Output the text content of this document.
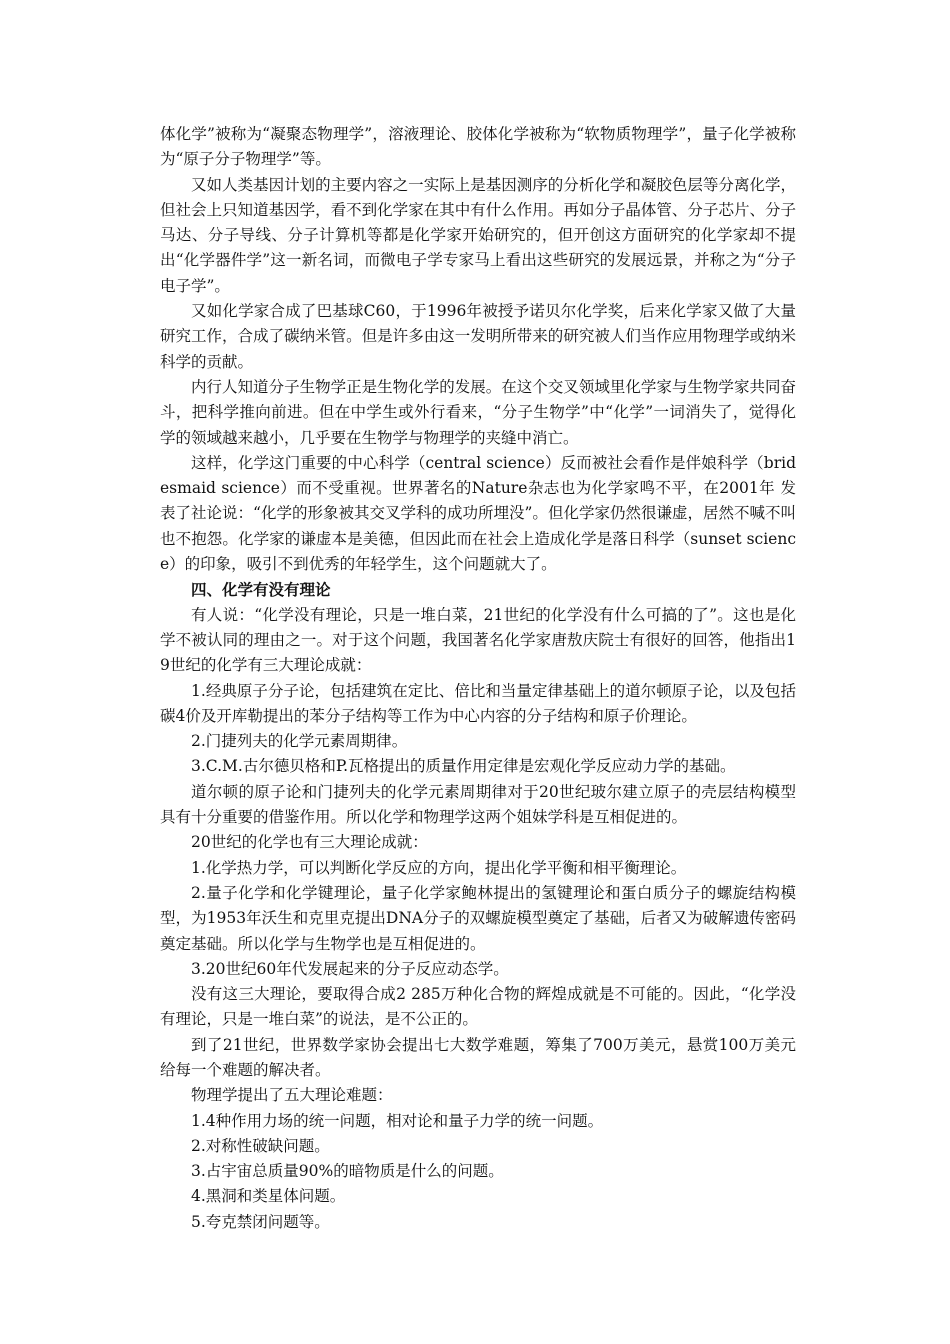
体化学”被称为“凝聚态物理学”，溶液理论、胶体化学被称为“软物质物理学”，量子化学被称为“原子分子物理学”等。

又如人类基因计划的主要内容之一实际上是基因测序的分析化学和凝胶色层等分离化学，但社会上只知道基因学，看不到化学家在其中有什么作用。再如分子晶体管、分子芯片、分子马达、分子导线、分子计算机等都是化学家开始研究的，但开创这方面研究的化学家却不提出“化学器件学”这一新名词，而微电子学专家马上看出这些研究的发展远景，并称之为“分子电子学”。

又如化学家合成了巴基球C60，于1996年被授予诺贝尔化学奖，后来化学家又做了大量研究工作，合成了碳纳米管。但是许多由这一发明所带来的研究被人们当作应用物理学或纳米科学的贡献。

内行人知道分子生物学正是生物化学的发展。在这个交叉领域里化学家与生物学家共同奋斗，把科学推向前进。但在中学生或外行看来，“分子生物学”中“化学”一词消失了，觉得化学的领域越来越小，几乎要在生物学与物理学的夹缝中消亡。

这样，化学这门重要的中心科学（central science）反而被社会看作是伴娘科学（bridesmaid science）而不受重视。世界著名的Nature杂志也为化学家鸣不平，在2001年 发表了社论说：“化学的形象被其交叉学科的成功所埋没”。但化学家仍然很谦虚，居然不喊不叫也不抱怨。化学家的谦虚本是美德，但因此而在社会上造成化学是落日科学（sunset science）的印象，吸引不到优秀的年轻学生，这个问题就大了。

四、化学有没有理论

有人说：“化学没有理论，只是一堆白菜，21世纪的化学没有什么可搞的了”。这也是化学不被认同的理由之一。对于这个问题，我国著名化学家唐敖庆院士有很好的回答，他指出19世纪的化学有三大理论成就：

1.经典原子分子论，包括建筑在定比、倍比和当量定律基础上的道尔顿原子论，以及包括碳4价及开库勒提出的苯分子结构等工作为中心内容的分子结构和原子价理论。

2.门捷列夫的化学元素周期律。

3.C.M.古尔德贝格和P.瓦格提出的质量作用定律是宏观化学反应动力学的基础。

道尔顿的原子论和门捷列夫的化学元素周期律对于20世纪玻尔建立原子的壳层结构模型具有十分重要的借鉴作用。所以化学和物理学这两个姐妹学科是互相促进的。

20世纪的化学也有三大理论成就：

1.化学热力学，可以判断化学反应的方向，提出化学平衡和相平衡理论。

2.量子化学和化学键理论，量子化学家鲍林提出的氢键理论和蛋白质分子的螺旋结构模型，为1953年沃生和克里克提出DNA分子的双螺旋模型奠定了基础，后者又为破解遗传密码奠定基础。所以化学与生物学也是互相促进的。

3.20世纪60年代发展起来的分子反应动态学。

没有这三大理论，要取得合成2 285万种化合物的辉煌成就是不可能的。因此，“化学没有理论，只是一堆白菜”的说法，是不公正的。

到了21世纪，世界数学家协会提出七大数学难题，筹集了700万美元，悬赏100万美元给每一个难题的解决者。

物理学提出了五大理论难题：

1.4种作用力场的统一问题，相对论和量子力学的统一问题。

2.对称性破缺问题。

3.占宇宙总质量90%的暗物质是什么的问题。

4.黑洞和类星体问题。

5.夸克禁闭问题等。
